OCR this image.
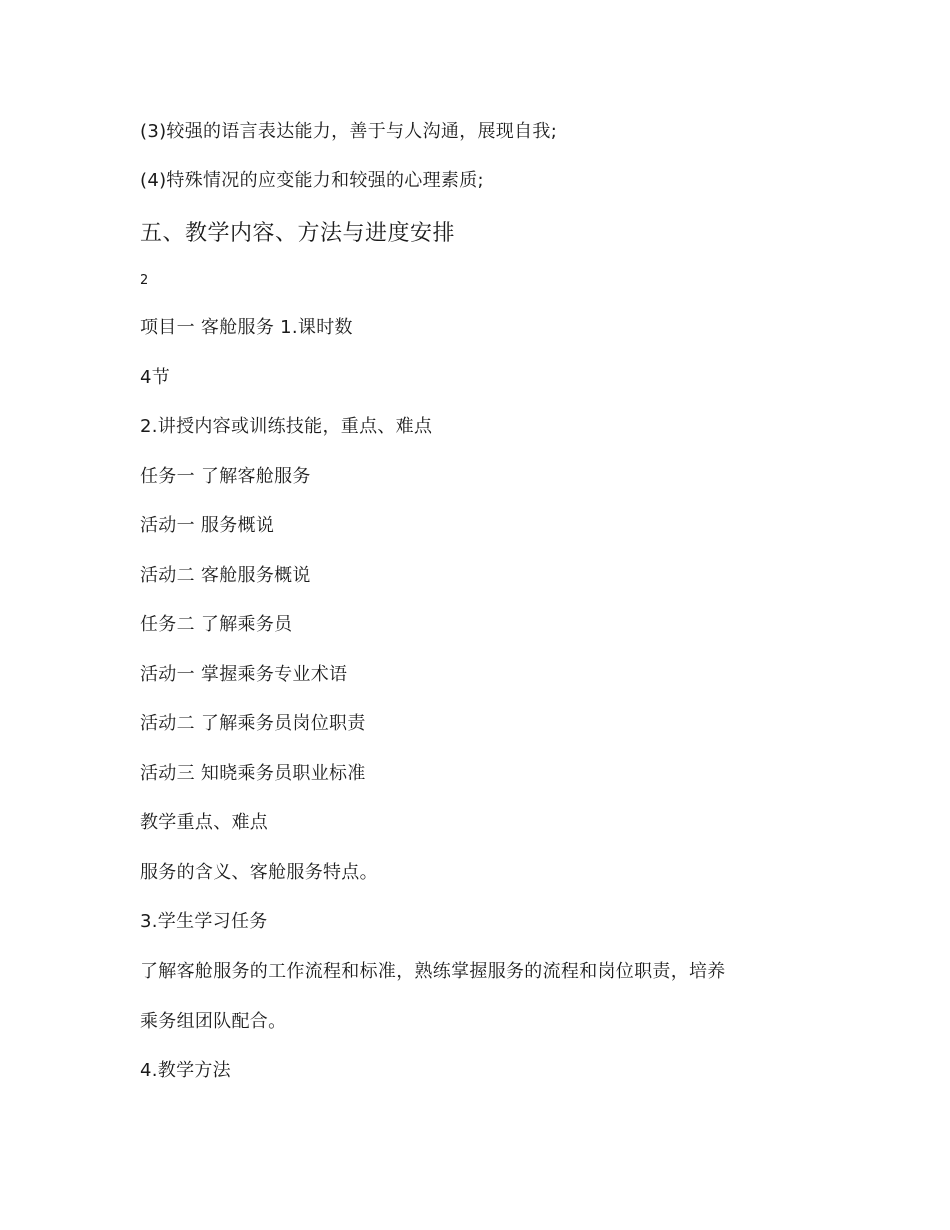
(3)较强的语言表达能力，善于与人沟通，展现自我;
(4)特殊情况的应变能力和较强的心理素质;
五、教学内容、方法与进度安排
2
项目一 客舱服务 1.课时数
4节
2.讲授内容或训练技能，重点、难点
任务一 了解客舱服务
活动一 服务概说
活动二 客舱服务概说
任务二 了解乘务员
活动一 掌握乘务专业术语
活动二 了解乘务员岗位职责
活动三 知晓乘务员职业标准
教学重点、难点
服务的含义、客舱服务特点。
3.学生学习任务
了解客舱服务的工作流程和标准，熟练掌握服务的流程和岗位职责，培养
乘务组团队配合。
4.教学方法
